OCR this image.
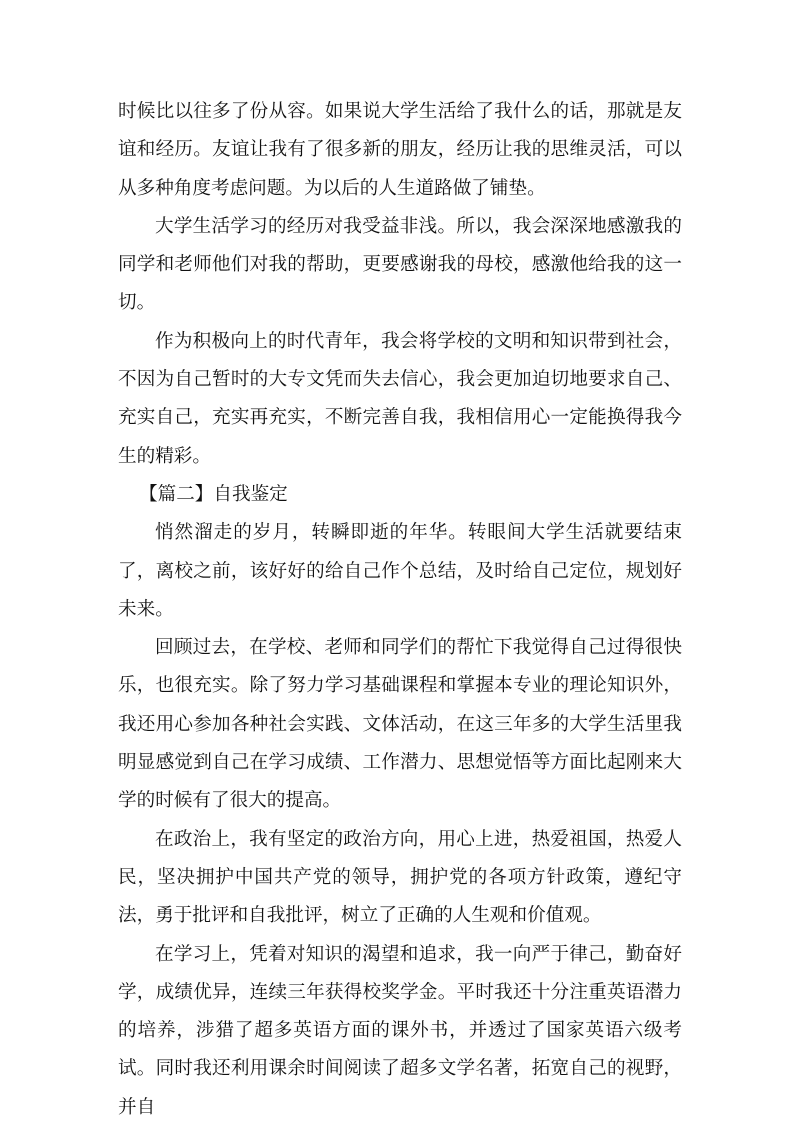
时候比以往多了份从容。如果说大学生活给了我什么的话，那就是友谊和经历。友谊让我有了很多新的朋友，经历让我的思维灵活，可以从多种角度考虑问题。为以后的人生道路做了铺垫。

大学生活学习的经历对我受益非浅。所以，我会深深地感激我的同学和老师他们对我的帮助，更要感谢我的母校，感激他给我的这一切。

作为积极向上的时代青年，我会将学校的文明和知识带到社会，不因为自己暂时的大专文凭而失去信心，我会更加迫切地要求自己、充实自己，充实再充实，不断完善自我，我相信用心一定能换得我今生的精彩。

【篇二】自我鉴定

悄然溜走的岁月，转瞬即逝的年华。转眼间大学生活就要结束了，离校之前，该好好的给自己作个总结，及时给自己定位，规划好未来。

回顾过去，在学校、老师和同学们的帮忙下我觉得自己过得很快乐，也很充实。除了努力学习基础课程和掌握本专业的理论知识外，我还用心参加各种社会实践、文体活动，在这三年多的大学生活里我明显感觉到自己在学习成绩、工作潜力、思想觉悟等方面比起刚来大学的时候有了很大的提高。

在政治上，我有坚定的政治方向，用心上进，热爱祖国，热爱人民，坚决拥护中国共产党的领导，拥护党的各项方针政策，遵纪守法，勇于批评和自我批评，树立了正确的人生观和价值观。

在学习上，凭着对知识的渴望和追求，我一向严于律己，勤奋好学，成绩优异，连续三年获得校奖学金。平时我还十分注重英语潜力的培养，涉猎了超多英语方面的课外书，并透过了国家英语六级考试。同时我还利用课余时间阅读了超多文学名著，拓宽自己的视野，并自
